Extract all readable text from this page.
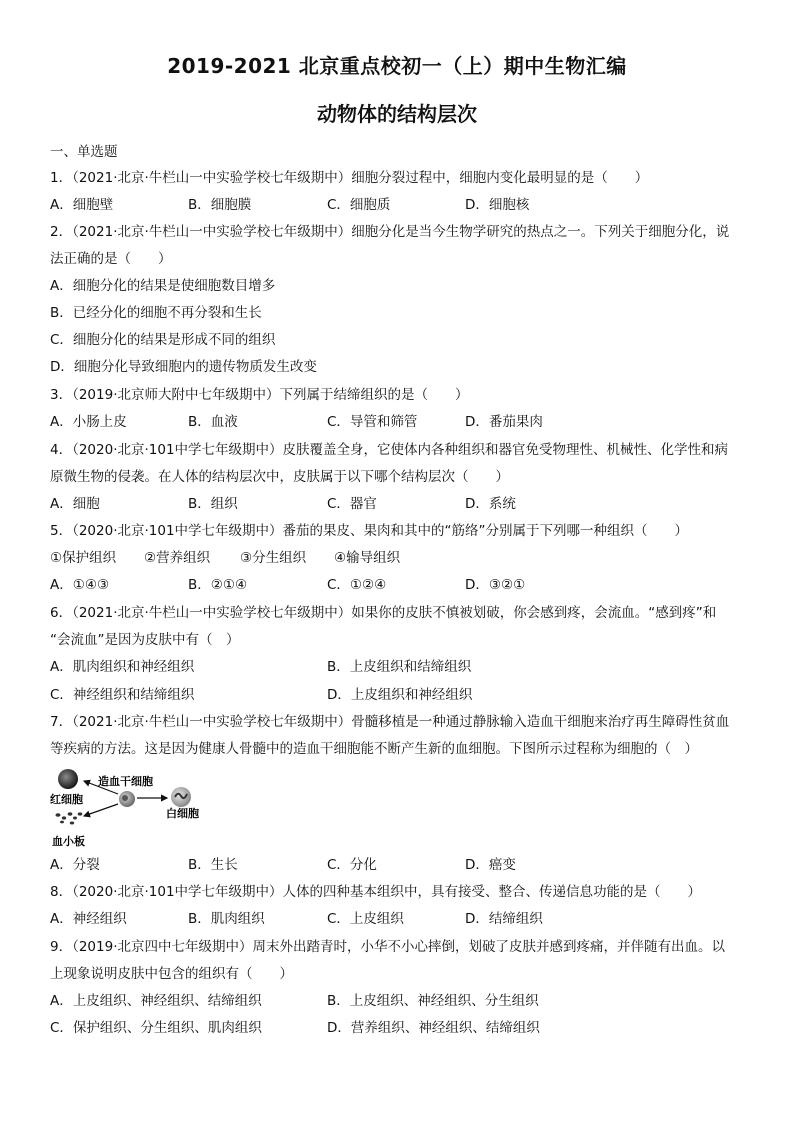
2019-2021 北京重点校初一（上）期中生物汇编
动物体的结构层次
一、单选题
1．（2021·北京·牛栏山一中实验学校七年级期中）细胞分裂过程中，细胞内变化最明显的是（　　）
A．细胞壁	B．细胞膜	C．细胞质	D．细胞核
2．（2021·北京·牛栏山一中实验学校七年级期中）细胞分化是当今生物学研究的热点之一。下列关于细胞分化，说
法正确的是（　　）
A．细胞分化的结果是使细胞数目增多
B．已经分化的细胞不再分裂和生长
C．细胞分化的结果是形成不同的组织
D．细胞分化导致细胞内的遗传物质发生改变
3．（2019·北京师大附中七年级期中）下列属于结缔组织的是（　　）
A．小肠上皮	B．血液	C．导管和筛管	D．番茄果肉
4．（2020·北京·101中学七年级期中）皮肤覆盖全身，它使体内各种组织和器官免受物理性、机械性、化学性和病
原微生物的侵袭。在人体的结构层次中，皮肤属于以下哪个结构层次（　　）
A．细胞	B．组织	C．器官	D．系统
5．（2020·北京·101中学七年级期中）番茄的果皮、果肉和其中的“筋络”分别属于下列哪一种组织（　　）
①保护组织 ②营养组织 ③分生组织 ④输导组织
A．①④③	B．②①④	C．①②④	D．③②①
6．（2021·北京·牛栏山一中实验学校七年级期中）如果你的皮肤不慎被划破，你会感到疼，会流血。“感到疼”和
“会流血”是因为皮肤中有（　）
A．肌肉组织和神经组织	B．上皮组织和结缔组织
C．神经组织和结缔组织	D．上皮组织和神经组织
7．（2021·北京·牛栏山一中实验学校七年级期中）骨髓移植是一种通过静脉输入造血干细胞来治疗再生障碍性贫血
等疾病的方法。这是因为健康人骨髓中的造血干细胞能不断产生新的血细胞。下图所示过程称为细胞的（　）
造血干细胞
红细胞
白细胞
血小板
A．分裂	B．生长	C．分化	D．癌变
8．（2020·北京·101中学七年级期中）人体的四种基本组织中，具有接受、整合、传递信息功能的是（　　）
A．神经组织	B．肌肉组织	C．上皮组织	D．结缔组织
9．（2019·北京四中七年级期中）周末外出踏青时，小华不小心摔倒，划破了皮肤并感到疼痛，并伴随有出血。以
上现象说明皮肤中包含的组织有（　　）
A．上皮组织、神经组织、结缔组织	B．上皮组织、神经组织、分生组织
C．保护组织、分生组织、肌肉组织	D．营养组织、神经组织、结缔组织
